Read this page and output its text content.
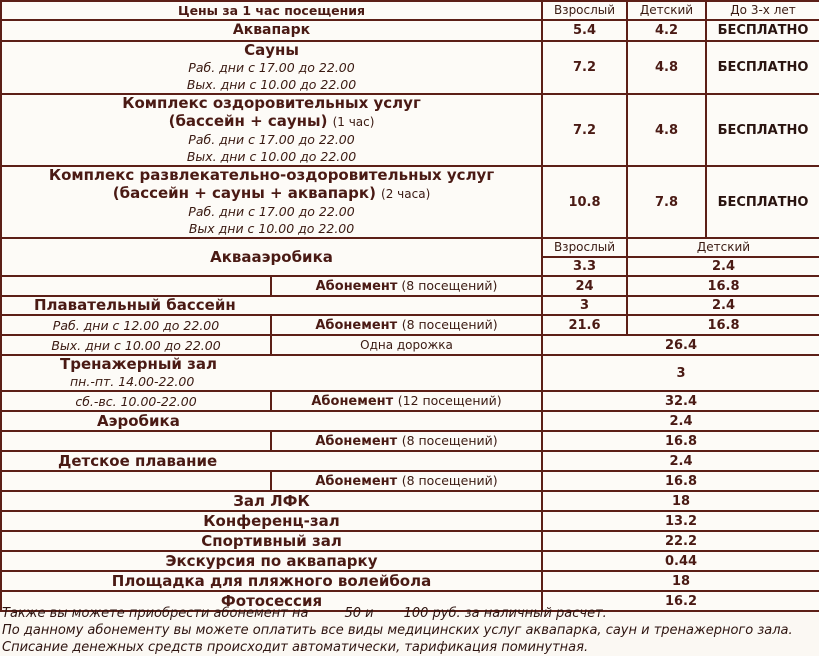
Цены за 1 час посещения		Взрослый	Детский	До 3-х лет
Аквапарк		5.4	4.2	БЕСПЛАТНО

Сауны
Раб. дни с 17.00 до 22.00
Вых. дни с 10.00 до 22.00		7.2	4.8	БЕСПЛАТНО

Комплекс оздоровительных услуг
(бассейн + сауны) (1 час)
Раб. дни с 17.00 до 22.00
Вых. дни с 10.00 до 22.00		7.2	4.8	БЕСПЛАТНО

Комплекс развлекательно-оздоровительных услуг
(бассейн + сауны + аквапарк) (2 часа)
Раб. дни с 17.00 до 22.00
Вых дни с 10.00 до 22.00		10.8	7.8	БЕСПЛАТНО
Аквааэробика		Взрослый	Детский	
		3.3	2.4	
	Абонемент (8 посещений)	24	16.8	
Плавательный бассейн		3	2.4	
Раб. дни с 12.00 до 22.00	Абонемент (8 посещений)	21.6	16.8	
Вых. дни с 10.00 до 22.00	Одна дорожка	26.4		

Тренажерный зал
пн.-пт. 14.00-22.00		3		
сб.-вс. 10.00-22.00	Абонемент (12 посещений)	32.4		
Аэробика		2.4		
	Абонемент (8 посещений)	16.8		
Детское плавание		2.4		
	Абонемент (8 посещений)	16.8		
Зал ЛФК		18		
Конференц-зал		13.2		
Спортивный зал		22.2		
Экскурсия по аквапарку		0.44		
Площадка для пляжного волейбола		18		
Фотосессия		16.2		
Также вы можете приобрести абонемент на	50 и 100 руб. за наличный расчет.
По данному абонементу вы можете оплатить все виды медицинских услуг аквапарка, саун и тренажерного зала.
Списание денежных средств происходит автоматически, тарификация поминутная.
